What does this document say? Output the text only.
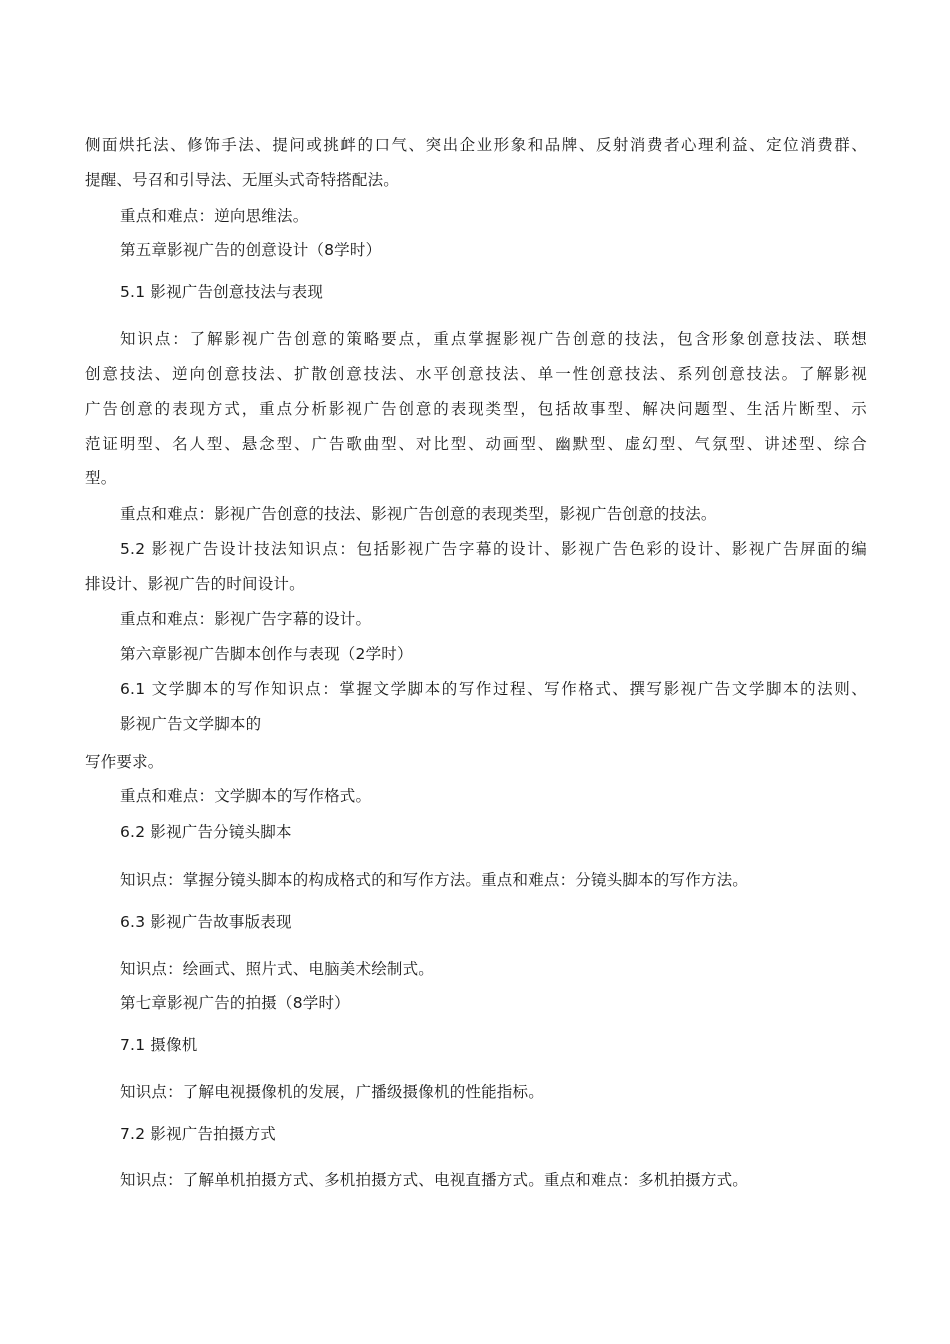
侧面烘托法、修饰手法、提问或挑衅的口气、突出企业形象和品牌、反射消费者心理利益、定位消费群、
提醒、号召和引导法、无厘头式奇特搭配法。
重点和难点：逆向思维法。
第五章影视广告的创意设计（8学时）
5.1 影视广告创意技法与表现
知识点：了解影视广告创意的策略要点，重点掌握影视广告创意的技法，包含形象创意技法、联想
创意技法、逆向创意技法、扩散创意技法、水平创意技法、单一性创意技法、系列创意技法。了解影视
广告创意的表现方式，重点分析影视广告创意的表现类型，包括故事型、解决问题型、生活片断型、示
范证明型、名人型、悬念型、广告歌曲型、对比型、动画型、幽默型、虚幻型、气氛型、讲述型、综合
型。
重点和难点：影视广告创意的技法、影视广告创意的表现类型，影视广告创意的技法。
5.2 影视广告设计技法知识点：包括影视广告字幕的设计、影视广告色彩的设计、影视广告屏面的编
排设计、影视广告的时间设计。
重点和难点：影视广告字幕的设计。
第六章影视广告脚本创作与表现（2学时）
6.1 文学脚本的写作知识点：掌握文学脚本的写作过程、写作格式、撰写影视广告文学脚本的法则、
影视广告文学脚本的
写作要求。
重点和难点：文学脚本的写作格式。
6.2 影视广告分镜头脚本
知识点：掌握分镜头脚本的构成格式的和写作方法。重点和难点：分镜头脚本的写作方法。
6.3 影视广告故事版表现
知识点：绘画式、照片式、电脑美术绘制式。
第七章影视广告的拍摄（8学时）
7.1 摄像机
知识点：了解电视摄像机的发展，广播级摄像机的性能指标。
7.2 影视广告拍摄方式
知识点：了解单机拍摄方式、多机拍摄方式、电视直播方式。重点和难点：多机拍摄方式。
